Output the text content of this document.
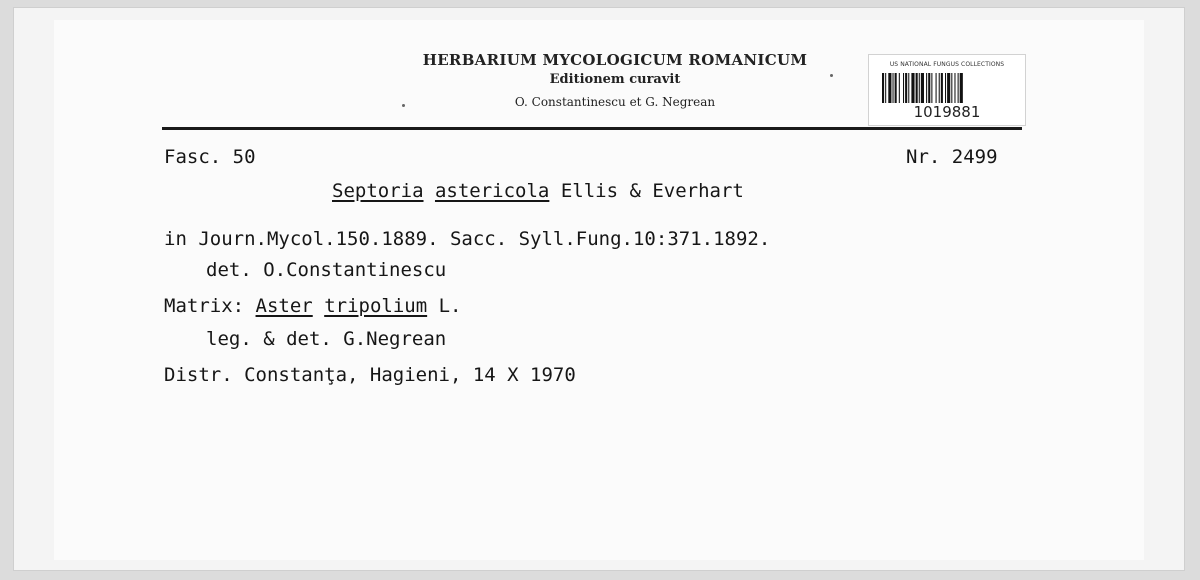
HERBARIUM MYCOLOGICUM ROMANICUM
Editionem curavit
O. Constantinescu et G. Negrean
US NATIONAL FUNGUS COLLECTIONS
1019881
Fasc. 50	Nr. 2499
Septoria astericola Ellis & Everhart
in Journ.Mycol.150.1889. Sacc. Syll.Fung.10:371.1892.
det. O.Constantinescu
Matrix: Aster tripolium L.
leg. & det. G.Negrean
Distr. Constanţa, Hagieni, 14 X 1970
